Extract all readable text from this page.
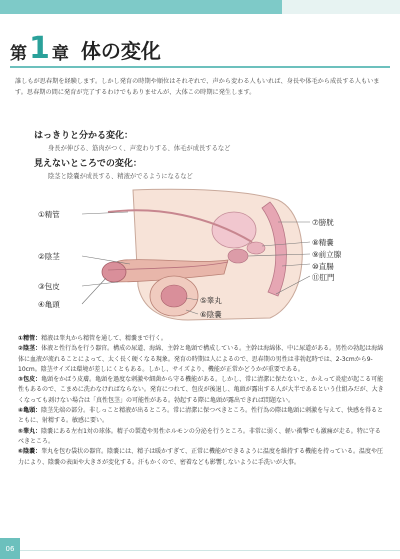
第 1 章 体の変化
誰しもが思春期を経験します。しかし発育の時期や順位はそれぞれで、声から変わる人もいれば、身長や体毛から成長する人もいます。思春期の間に発育が完了するわけでもありませんが、大体この時期に発生します。
はっきりと分かる変化：
身長が伸びる、筋肉がつく、声変わりする、体毛が成長するなど
見えないところでの変化：
陰茎と陰嚢が成長する、精液がでるようになるなど
①精管
②陰茎
③包皮
④亀頭
⑦膀胱
⑧精嚢
⑨前立腺
⑩直腸
⑪肛門
⑤睾丸
⑥陰嚢

①精管：精液は睾丸から精管を通して、精嚢まで行く。

②陰茎：体液と性行為を行う器官。構成の尿道、海綿、主幹と亀頭で構成している。主幹は海綿体、中に尿道がある。男性の勃起は海綿体に血液が流れることによって、太く長く硬くなる現象。発育の時期は人によるので、思春期の男性は非勃起時では、2-3cmから9-10cm。陰茎サイズは環境が差しにくともある。しかし、サイズより、機能が正常かどうかが重要である。

③包皮：亀頭をかばう皮膚。亀頭を過度な刺激や細菌から守る機能がある。しかし、常に清潔に保たないと、かえって炎症が起こる可能性もあるので、こまめに洗わなければならない。発育につれて、包皮が後退し、亀頭が露出する人が大半であるという仕組みだが、大きくなっても剥けない場合は「真性包茎」の可能性がある。勃起する際に亀頭が露出できれば問題ない。

④亀頭：陰茎先端の部分。非しっこと精液が出るところ。常に清潔に保つべきところ。性行為の際は亀頭に刺激を与えて、快感を得るとともに、射精する。敏感に要い。

⑤睾丸：陰嚢にある左右1対の球体。精子の製造や男性ホルモンの分泌を行うところ。非常に弱く、軽い衝撃でも激痛が走る。特に守るべきところ。

⑥陰嚢：睾丸を包む袋状の器官。陰嚢には、精子は暖かすぎて、正常に機能ができるように温度を維持する機能を持っている。温度や圧力により、陰嚢の表面や大きさが変化する。汗もかくので、密着なども影響しないように手洗いが大事。

06
